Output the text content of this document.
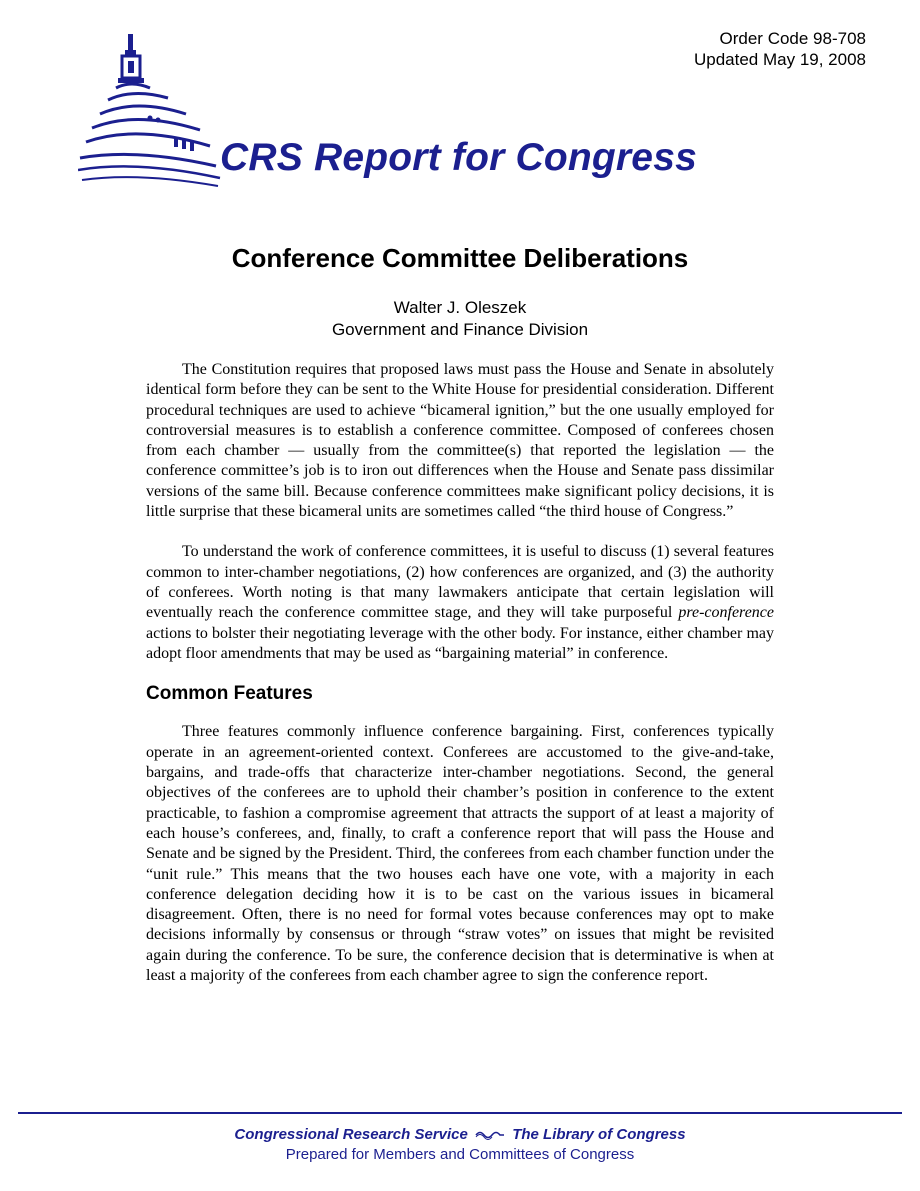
Order Code 98-708
Updated May 19, 2008
CRS Report for Congress
Conference Committee Deliberations
Walter J. Oleszek
Government and Finance Division

The Constitution requires that proposed laws must pass the House and Senate in absolutely identical form before they can be sent to the White House for presidential consideration. Different procedural techniques are used to achieve “bicameral ignition,” but the one usually employed for controversial measures is to establish a conference committee. Composed of conferees chosen from each chamber — usually from the committee(s) that reported the legislation — the conference committee’s job is to iron out differences when the House and Senate pass dissimilar versions of the same bill. Because conference committees make significant policy decisions, it is little surprise that these bicameral units are sometimes called “the third house of Congress.”

To understand the work of conference committees, it is useful to discuss (1) several features common to inter-chamber negotiations, (2) how conferences are organized, and (3) the authority of conferees. Worth noting is that many lawmakers anticipate that certain legislation will eventually reach the conference committee stage, and they will take purposeful pre-conference actions to bolster their negotiating leverage with the other body. For instance, either chamber may adopt floor amendments that may be used as “bargaining material” in conference.

Common Features

Three features commonly influence conference bargaining. First, conferences typically operate in an agreement-oriented context. Conferees are accustomed to the give-and-take, bargains, and trade-offs that characterize inter-chamber negotiations. Second, the general objectives of the conferees are to uphold their chamber’s position in conference to the extent practicable, to fashion a compromise agreement that attracts the support of at least a majority of each house’s conferees, and, finally, to craft a conference report that will pass the House and Senate and be signed by the President. Third, the conferees from each chamber function under the “unit rule.” This means that the two houses each have one vote, with a majority in each conference delegation deciding how it is to be cast on the various issues in bicameral disagreement. Often, there is no need for formal votes because conferences may opt to make decisions informally by consensus or through “straw votes” on issues that might be revisited again during the conference. To be sure, the conference decision that is determinative is when at least a majority of the conferees from each chamber agree to sign the conference report.

Congressional Research Service	The Library of Congress
Prepared for Members and Committees of Congress
